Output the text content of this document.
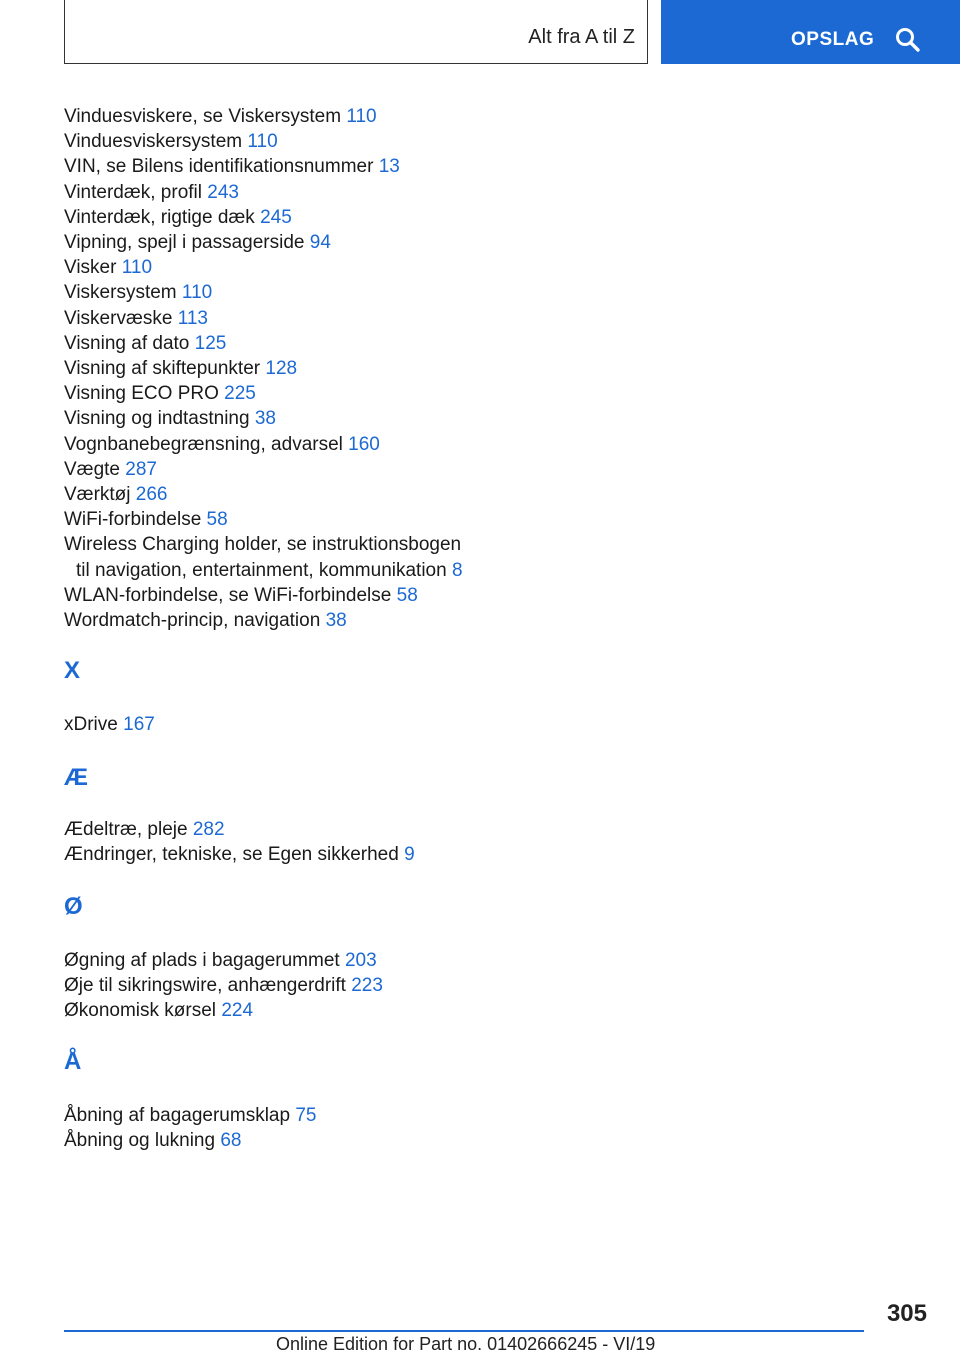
Alt fra A til Z	OPSLAG
Vinduesviskere, se Viskersystem 110
Vinduesviskersystem 110
VIN, se Bilens identifikationsnummer 13
Vinterdæk, profil 243
Vinterdæk, rigtige dæk 245
Vipning, spejl i passagerside 94
Visker 110
Viskersystem 110
Viskervæske 113
Visning af dato 125
Visning af skiftepunkter 128
Visning ECO PRO 225
Visning og indtastning 38
Vognbanebegrænsning, advarsel 160
Vægte 287
Værktøj 266
WiFi-forbindelse 58
Wireless Charging holder, se instruktionsbogen
til navigation, entertainment, kommunikation 8
WLAN-forbindelse, se WiFi-forbindelse 58
Wordmatch-princip, navigation 38
X
xDrive 167
Æ
Ædeltræ, pleje 282
Ændringer, tekniske, se Egen sikkerhed 9
Ø
Øgning af plads i bagagerummet 203
Øje til sikringswire, anhængerdrift 223
Økonomisk kørsel 224
Å
Åbning af bagagerumsklap 75
Åbning og lukning 68
305
Online Edition for Part no. 01402666245 - VI/19
